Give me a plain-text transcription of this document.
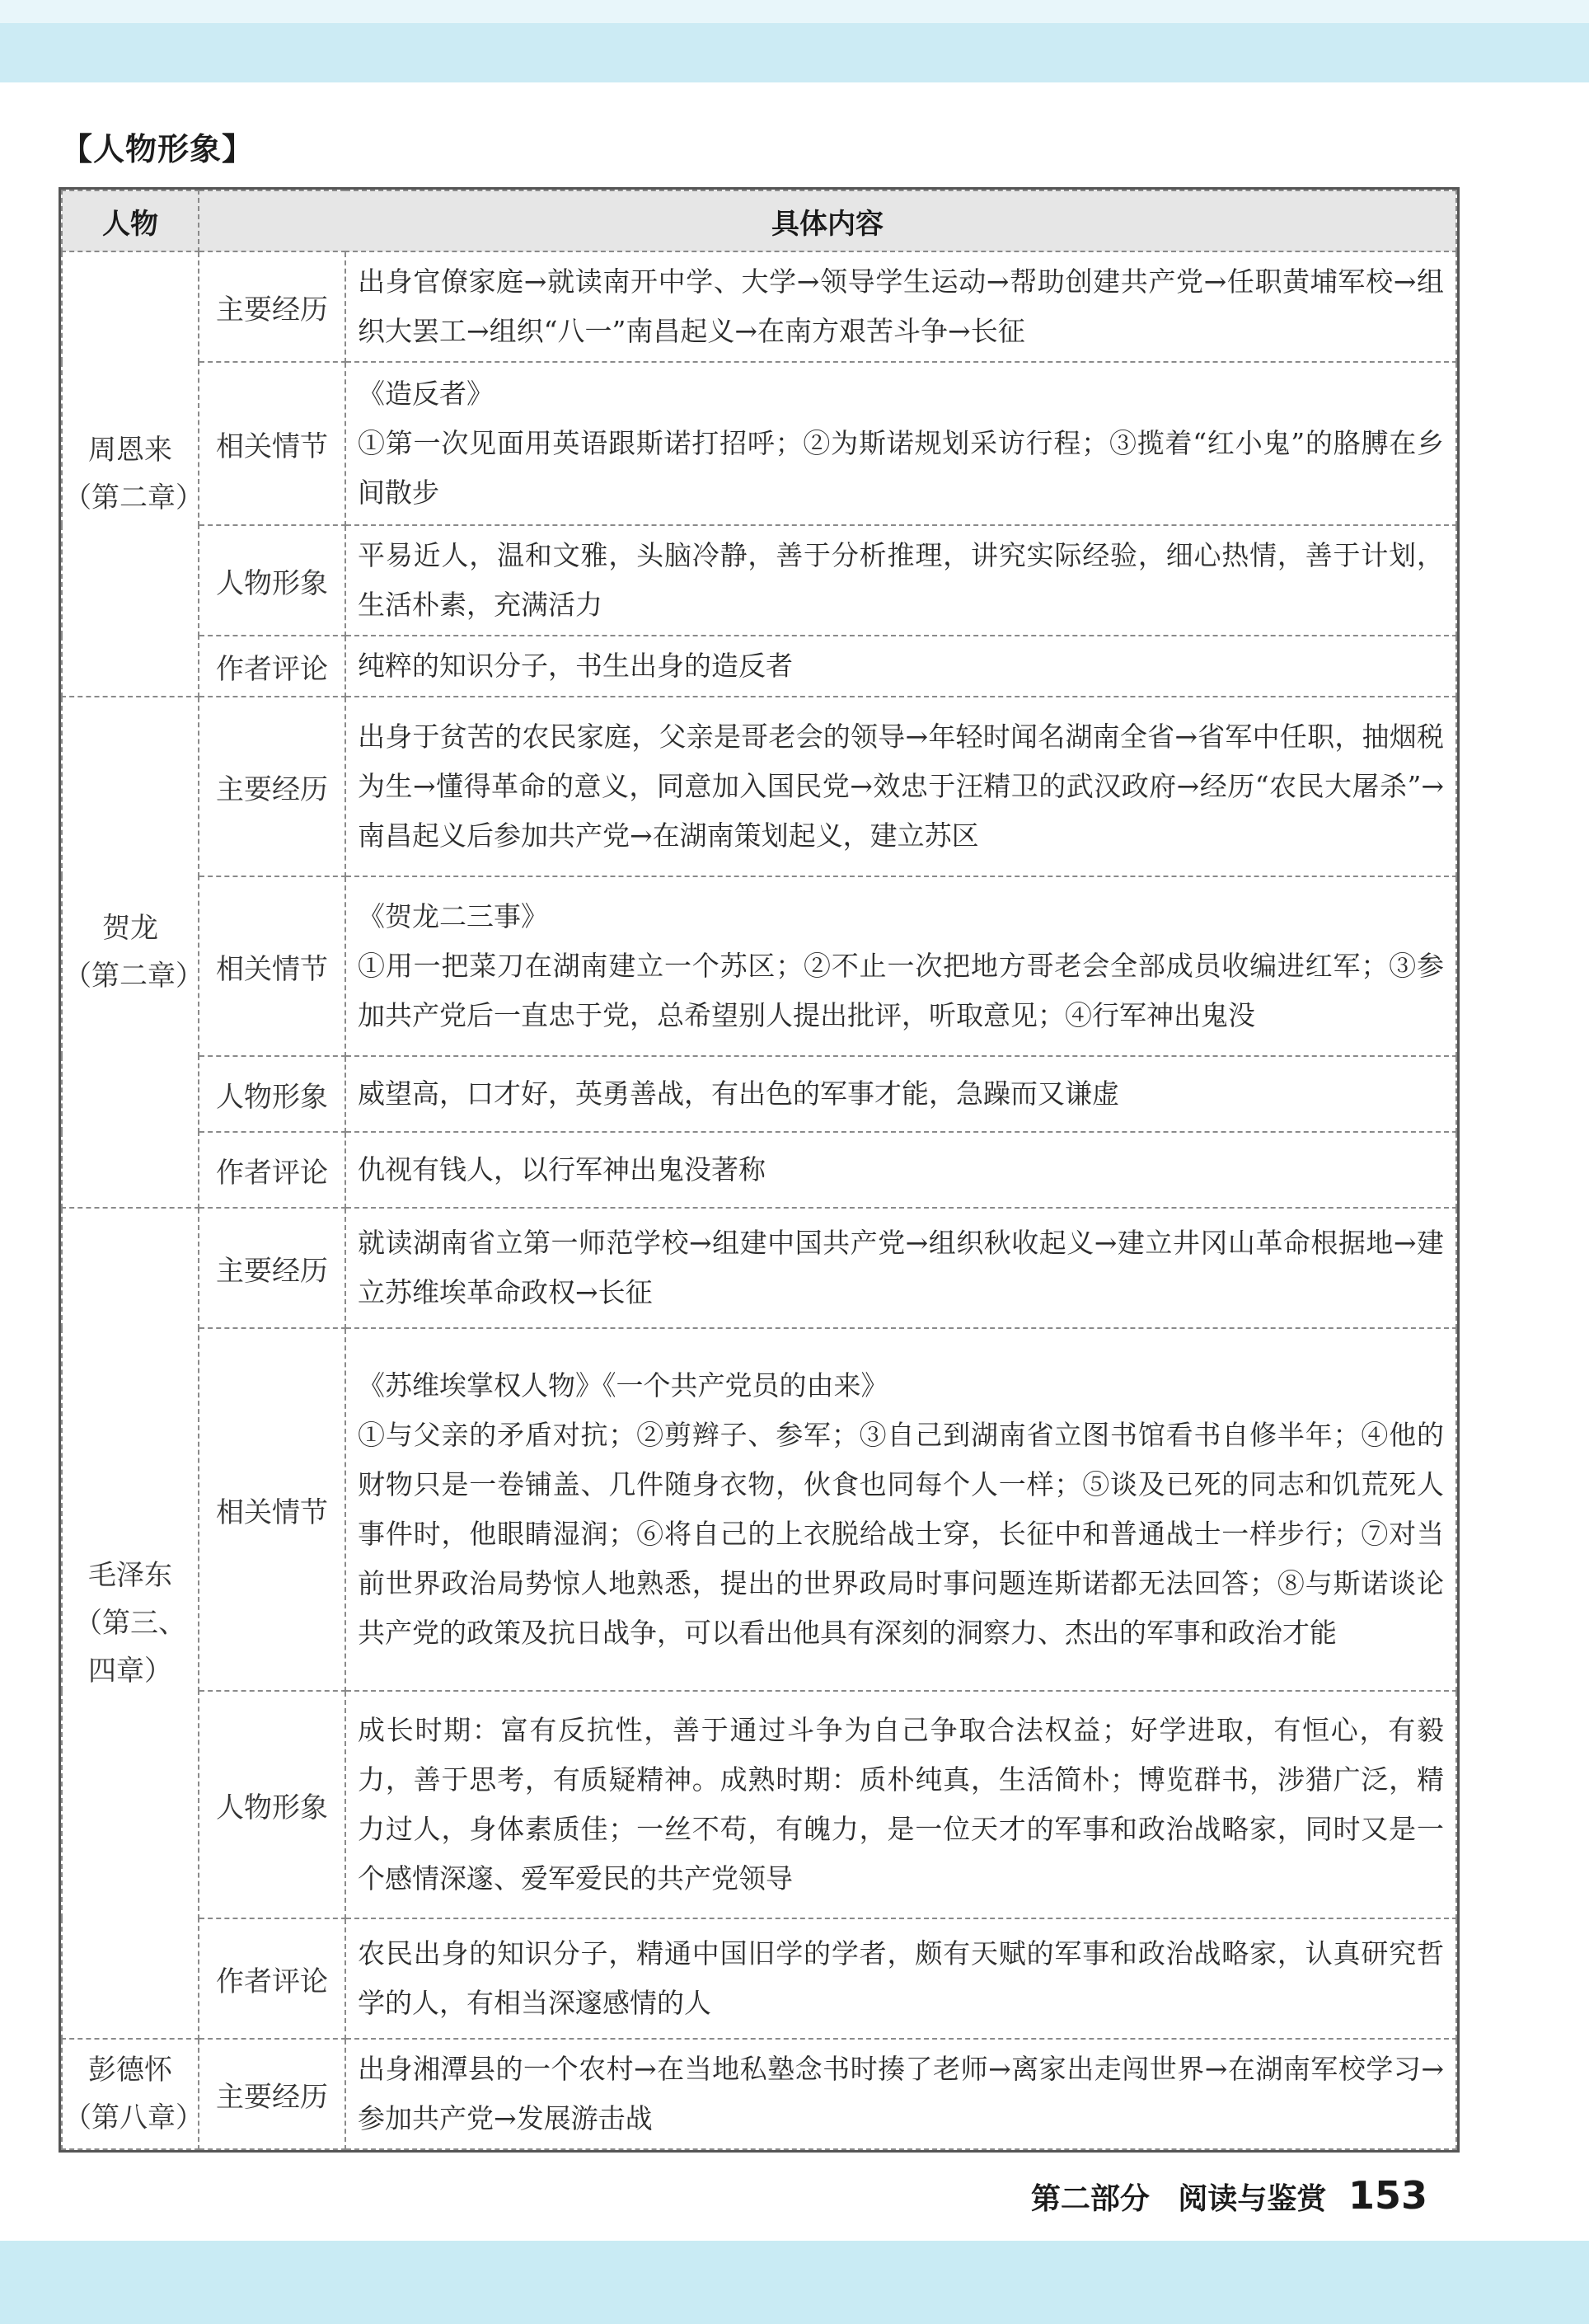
【人物形象】
人物	具体内容	

周恩来
（第二章）	主要经历	出身官僚家庭→就读南开中学、大学→领导学生运动→帮助创建共产党→任职黄埔军校→组织大罢工→组织“八一”南昌起义→在南方艰苦斗争→长征
	相关情节	《造反者》
①第一次见面用英语跟斯诺打招呼；②为斯诺规划采访行程；③揽着“红小鬼”的胳膊在乡间散步

	人物形象	平易近人，温和文雅，头脑冷静，善于分析推理，讲究实际经验，细心热情，善于计划，生活朴素，充满活力
	作者评论	纯粹的知识分子，书生出身的造反者

贺龙
（第二章）	主要经历	出身于贫苦的农民家庭，父亲是哥老会的领导→年轻时闻名湖南全省→省军中任职，抽烟税为生→懂得革命的意义，同意加入国民党→效忠于汪精卫的武汉政府→经历“农民大屠杀”→南昌起义后参加共产党→在湖南策划起义，建立苏区
	相关情节	《贺龙二三事》
①用一把菜刀在湖南建立一个苏区；②不止一次把地方哥老会全部成员收编进红军；③参加共产党后一直忠于党，总希望别人提出批评，听取意见；④行军神出鬼没

	人物形象	威望高，口才好，英勇善战，有出色的军事才能，急躁而又谦虚
	作者评论	仇视有钱人，以行军神出鬼没著称

毛泽东
（第三、四章）	主要经历	就读湖南省立第一师范学校→组建中国共产党→组织秋收起义→建立井冈山革命根据地→建立苏维埃革命政权→长征
	相关情节	《苏维埃掌权人物》《一个共产党员的由来》
①与父亲的矛盾对抗；②剪辫子、参军；③自己到湖南省立图书馆看书自修半年；④他的财物只是一卷铺盖、几件随身衣物，伙食也同每个人一样；⑤谈及已死的同志和饥荒死人事件时，他眼睛湿润；⑥将自己的上衣脱给战士穿，长征中和普通战士一样步行；⑦对当前世界政治局势惊人地熟悉，提出的世界政局时事问题连斯诺都无法回答；⑧与斯诺谈论共产党的政策及抗日战争，可以看出他具有深刻的洞察力、杰出的军事和政治才能

	人物形象	成长时期：富有反抗性，善于通过斗争为自己争取合法权益；好学进取，有恒心，有毅力，善于思考，有质疑精神。成熟时期：质朴纯真，生活简朴；博览群书，涉猎广泛，精力过人，身体素质佳；一丝不苟，有魄力，是一位天才的军事和政治战略家，同时又是一个感情深邃、爱军爱民的共产党领导
	作者评论	农民出身的知识分子，精通中国旧学的学者，颇有天赋的军事和政治战略家，认真研究哲学的人，有相当深邃感情的人

彭德怀
（第八章）	主要经历	出身湘潭县的一个农村→在当地私塾念书时揍了老师→离家出走闯世界→在湖南军校学习→参加共产党→发展游击战
第二部分 阅读与鉴赏 153
